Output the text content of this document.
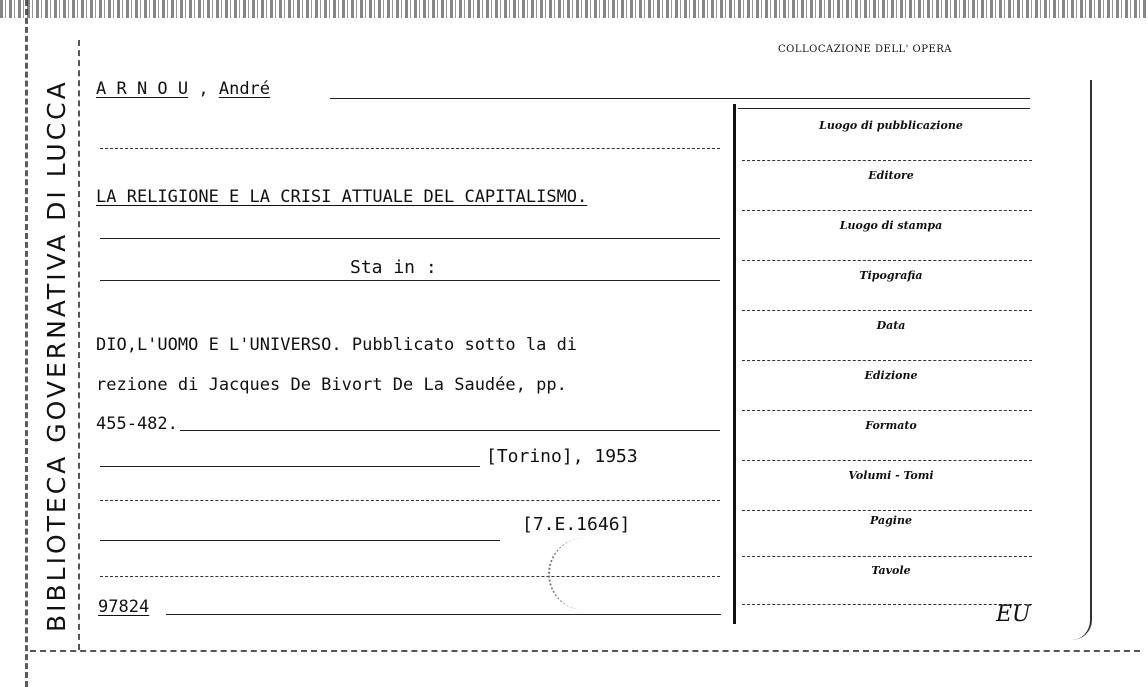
BIBLIOTECA GOVERNATIVA DI LUCCA
COLLOCAZIONE DELL' OPERA
A R N O U , André
LA RELIGIONE E LA CRISI ATTUALE DEL CAPITALISMO.
Sta in :
DIO,L'UOMO E L'UNIVERSO. Pubblicato sotto la di
rezione di Jacques De Bivort De La Saudée, pp.
455-482.
[Torino], 1953
[7.E.1646]
97824
Luogo di pubblicazione
Editore
Luogo di stampa
Tipografia
Data
Edizione
Formato
Volumi - Tomi
Pagine
Tavole
EU
